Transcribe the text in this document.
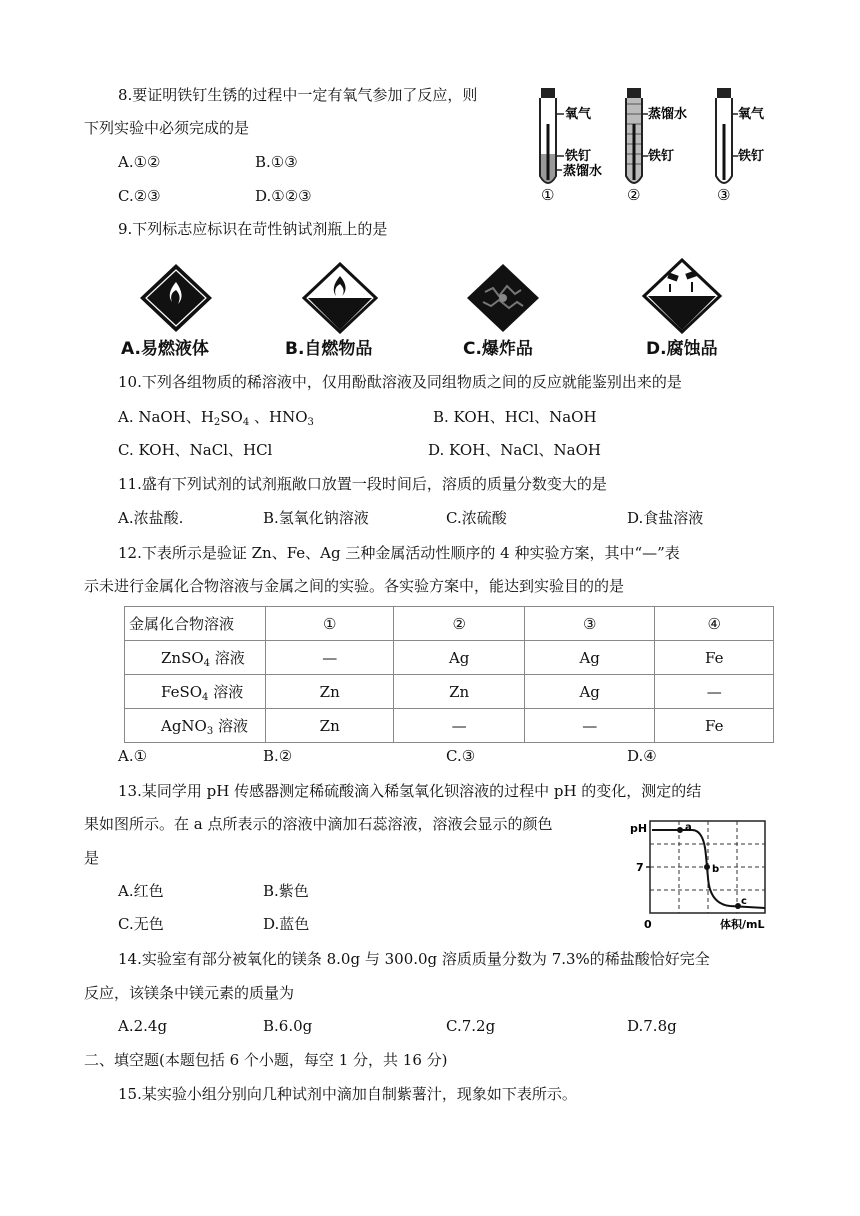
8.要证明铁钉生锈的过程中一定有氧气参加了反应，则
下列实验中必须完成的是
A.①②	B.①③
C.②③	D.①②③
氧气
铁钉
蒸馏水
①
蒸馏水
铁钉
②
氧气
铁钉
③
9.下列标志应标识在苛性钠试剂瓶上的是
A.易燃液体	B.自燃物品	C.爆炸品	D.腐蚀品
10.下列各组物质的稀溶液中，仅用酚酞溶液及同组物质之间的反应就能鉴别出来的是
A. NaOH、$H_2SO_4$ 、$HNO_3$	B. KOH、HCl、NaOH
C. KOH、NaCl、HCl	D. KOH、NaCl、NaOH
11.盛有下列试剂的试剂瓶敞口放置一段时间后，溶质的质量分数变大的是
A.浓盐酸.	B.氢氧化钠溶液	C.浓硫酸	D.食盐溶液
12.下表所示是验证 Zn、Fe、Ag 三种金属活动性顺序的 4 种实验方案，其中“—”表
示未进行金属化合物溶液与金属之间的实验。各实验方案中，能达到实验目的的是
金属化合物溶液	①	②	③	④
ZnSO$_4$ 溶液	—	Ag	Ag	Fe
FeSO$_4$ 溶液	Zn	Zn	Ag	—
AgNO$_3$ 溶液	Zn	—	—	Fe
A.①	B.②	C.③	D.④
13.某同学用 pH 传感器测定稀硫酸滴入稀氢氧化钡溶液的过程中 pH 的变化，测定的结
果如图所示。在 a 点所表示的溶液中滴加石蕊溶液，溶液会显示的颜色
是
A.红色	B.紫色
C.无色	D.蓝色
pH
7
0	体积/mL
a
b
c
14.实验室有部分被氧化的镁条 8.0g 与 300.0g 溶质质量分数为 7.3%的稀盐酸恰好完全
反应，该镁条中镁元素的质量为
A.2.4g	B.6.0g	C.7.2g	D.7.8g
二、填空题(本题包括 6 个小题，每空 1 分，共 16 分)
15.某实验小组分别向几种试剂中滴加自制紫薯汁，现象如下表所示。
